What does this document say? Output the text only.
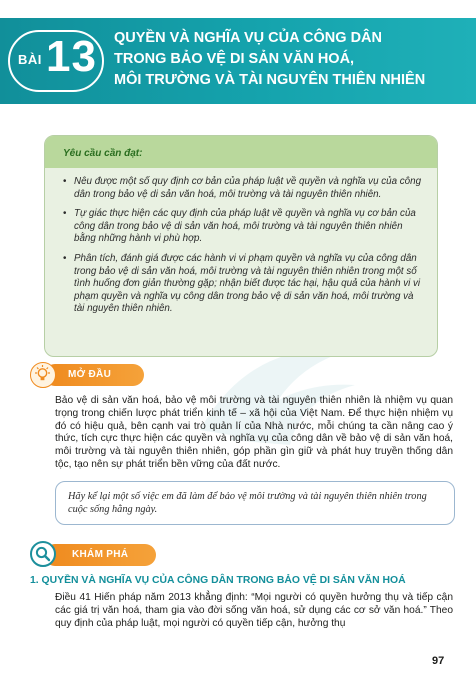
BÀI 13 QUYỀN VÀ NGHĨA VỤ CỦA CÔNG DÂN
TRONG BẢO VỆ DI SẢN VĂN HOÁ,
MÔI TRƯỜNG VÀ TÀI NGUYÊN THIÊN NHIÊN
Yêu cầu cần đạt:
• Nêu được một số quy định cơ bản của pháp luật về quyền và nghĩa vụ của công dân trong bảo vệ di sản văn hoá, môi trường và tài nguyên thiên nhiên.
• Tự giác thực hiện các quy định của pháp luật về quyền và nghĩa vụ cơ bản của công dân trong bảo vệ di sản văn hoá, môi trường và tài nguyên thiên nhiên bằng những hành vi phù hợp.
• Phân tích, đánh giá được các hành vi vi phạm quyền và nghĩa vụ của công dân trong bảo vệ di sản văn hoá, môi trường và tài nguyên thiên nhiên trong một số tình huống đơn giản thường gặp; nhận biết được tác hại, hậu quả của hành vi vi phạm quyền và nghĩa vụ công dân trong bảo vệ di sản văn hoá, môi trường và tài nguyên thiên nhiên.
MỞ ĐẦU
Bảo vệ di sản văn hoá, bảo vệ môi trường và tài nguyên thiên nhiên là nhiệm vụ quan trọng trong chiến lược phát triển kinh tế – xã hội của Việt Nam. Để thực hiện nhiệm vụ đó có hiệu quả, bên cạnh vai trò quản lí của Nhà nước, mỗi chúng ta cần nâng cao ý thức, tích cực thực hiện các quyền và nghĩa vụ của công dân về bảo vệ di sản văn hoá, môi trường và tài nguyên thiên nhiên, góp phần gìn giữ và phát huy truyền thống dân tộc, tạo nên sự phát triển bền vững của đất nước.
Hãy kể lại một số việc em đã làm để bảo vệ môi trường và tài nguyên thiên nhiên trong cuộc sống hằng ngày.
KHÁM PHÁ
1. QUYỀN VÀ NGHĨA VỤ CỦA CÔNG DÂN TRONG BẢO VỆ DI SẢN VĂN HOÁ
Điều 41 Hiến pháp năm 2013 khẳng định: “Mọi người có quyền hưởng thụ và tiếp cận các giá trị văn hoá, tham gia vào đời sống văn hoá, sử dụng các cơ sở văn hoá.” Theo quy định của pháp luật, mọi người có quyền tiếp cận, hưởng thụ
97
